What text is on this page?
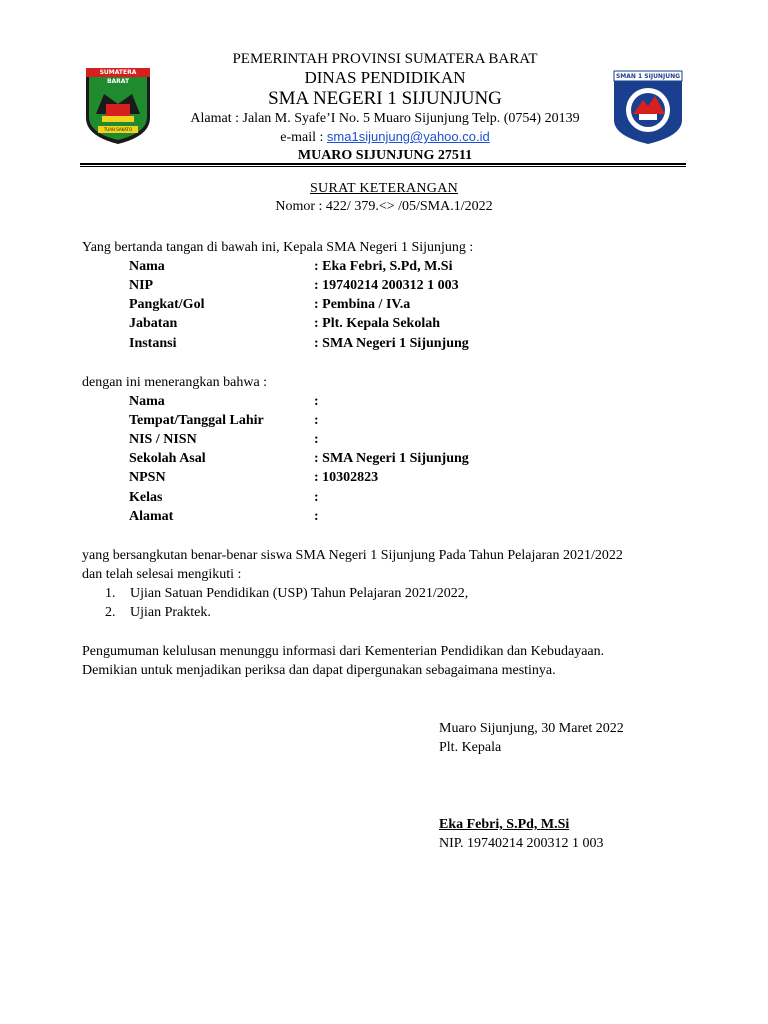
SUMATERA BARAT
TUAH SAKATO
SMAN 1 SIJUNJUNG
PEMERINTAH PROVINSI SUMATERA BARAT
DINAS PENDIDIKAN
SMA NEGERI 1 SIJUNJUNG
Alamat : Jalan M. Syafe’I No. 5 Muaro Sijunjung Telp. (0754) 20139
e-mail : sma1sijunjung@yahoo.co.id
MUARO SIJUNJUNG 27511
SURAT KETERANGAN
Nomor : 422/ 379.<> /05/SMA.1/2022
Yang bertanda tangan di bawah ini, Kepala SMA Negeri 1 Sijunjung :
Nama	: Eka Febri, S.Pd, M.Si
NIP	: 19740214 200312 1 003
Pangkat/Gol	: Pembina / IV.a
Jabatan	: Plt. Kepala Sekolah
Instansi	: SMA Negeri 1 Sijunjung
dengan ini menerangkan bahwa :
Nama	:
Tempat/Tanggal Lahir	:
NIS / NISN	:
Sekolah Asal	: SMA Negeri 1 Sijunjung
NPSN	: 10302823
Kelas	:
Alamat	:
yang bersangkutan benar-benar siswa SMA Negeri 1 Sijunjung Pada Tahun Pelajaran 2021/2022
dan telah selesai mengikuti :
1. Ujian Satuan Pendidikan (USP) Tahun Pelajaran 2021/2022,
2. Ujian Praktek.
Pengumuman kelulusan menunggu informasi dari Kementerian Pendidikan dan Kebudayaan.
Demikian untuk menjadikan periksa dan dapat dipergunakan sebagaimana mestinya.
Muaro Sijunjung, 30 Maret 2022
Plt. Kepala
Eka Febri, S.Pd, M.Si
NIP. 19740214 200312 1 003
